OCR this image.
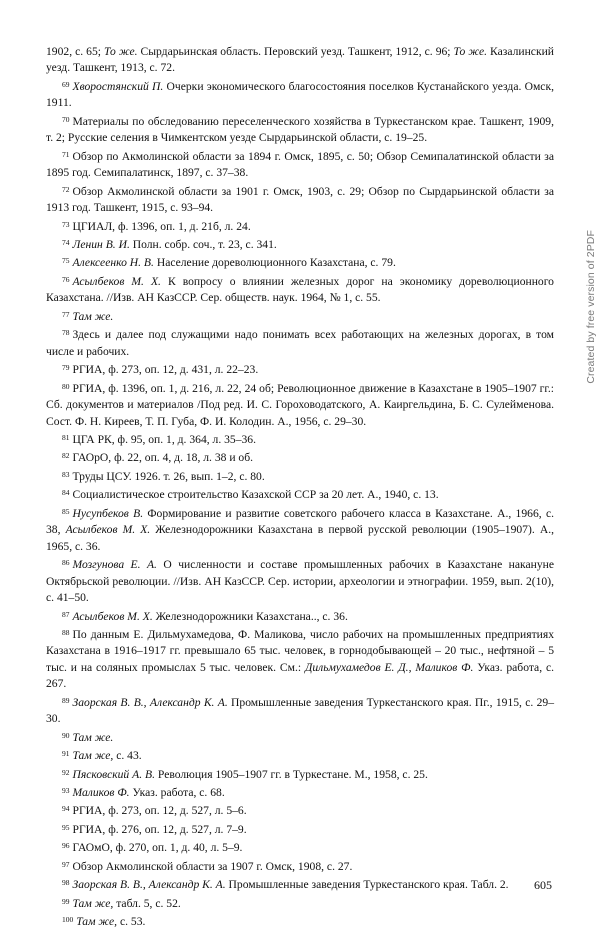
1902, с. 65; То же. Сырдарьинская область. Перовский уезд. Ташкент, 1912, с. 96; То же. Казалинский уезд. Ташкент, 1913, с. 72.

$^{69}$ Хворостянский П. Очерки экономического благосостояния поселков Кустанайского уезда. Омск, 1911.

$^{70}$ Материалы по обследованию переселенческого хозяйства в Туркестанском крае. Ташкент, 1909, т. 2; Русские селения в Чимкентском уезде Сырдарьинской области, с. 19–25.

$^{71}$ Обзор по Акмолинской области за 1894 г. Омск, 1895, с. 50; Обзор Семипалатинской области за 1895 год. Семипалатинск, 1897, с. 37–38.

$^{72}$ Обзор Акмолинской области за 1901 г. Омск, 1903, с. 29; Обзор по Сырдарьинской области за 1913 год. Ташкент, 1915, с. 93–94.

$^{73}$ ЦГИАЛ, ф. 1396, оп. 1, д. 21б, л. 24.

$^{74}$ Ленин В. И. Полн. собр. соч., т. 23, с. 341.

$^{75}$ Алексеенко Н. В. Население дореволюционного Казахстана, с. 79.

$^{76}$ Асылбеков М. Х. К вопросу о влиянии железных дорог на экономику дореволюционного Казахстана. //Изв. АН КазССР. Сер. обществ. наук. 1964, № 1, с. 55.

$^{77}$ Там же.

$^{78}$ Здесь и далее под служащими надо понимать всех работающих на железных дорогах, в том числе и рабочих.

$^{79}$ РГИА, ф. 273, оп. 12, д. 431, л. 22–23.

$^{80}$ РГИА, ф. 1396, оп. 1, д. 216, л. 22, 24 об; Революционное движение в Казахстане в 1905–1907 гг.: Сб. документов и материалов /Под ред. И. С. Гороховодатского, А. Каиргельдина, Б. С. Сулейменова. Сост. Ф. Н. Киреев, Т. П. Губа, Ф. И. Колодин. А., 1956, с. 29–30.

$^{81}$ ЦГА РК, ф. 95, оп. 1, д. 364, л. 35–36.

$^{82}$ ГАОрО, ф. 22, оп. 4, д. 18, л. 38 и об.

$^{83}$ Труды ЦСУ. 1926. т. 26, вып. 1–2, с. 80.

$^{84}$ Социалистическое строительство Казахской ССР за 20 лет. А., 1940, с. 13.

$^{85}$ Нусупбеков В. Формирование и развитие советского рабочего класса в Казахстане. А., 1966, с. 38, Асылбеков М. Х. Железнодорожники Казахстана в первой русской революции (1905–1907). А., 1965, с. 36.

$^{86}$ Мозгунова Е. А. О численности и составе промышленных рабочих в Казахстане накануне Октябрьской революции. //Изв. АН КазССР. Сер. истории, археологии и этнографии. 1959, вып. 2(10), с. 41–50.

$^{87}$ Асылбеков М. Х. Железнодорожники Казахстана.., с. 36.

$^{88}$ По данным Е. Дильмухамедова, Ф. Маликова, число рабочих на промышленных предприятиях Казахстана в 1916–1917 гг. превышало 65 тыс. человек, в горнодобывающей – 20 тыс., нефтяной – 5 тыс. и на соляных промыслах 5 тыс. человек. См.: Дильмухамедов Е. Д., Маликов Ф. Указ. работа, с. 267.

$^{89}$ Заорская В. В., Александр К. А. Промышленные заведения Туркестанского края. Пг., 1915, с. 29–30.

$^{90}$ Там же.

$^{91}$ Там же, с. 43.

$^{92}$ Пясковский А. В. Революция 1905–1907 гг. в Туркестане. М., 1958, с. 25.

$^{93}$ Маликов Ф. Указ. работа, с. 68.

$^{94}$ РГИА, ф. 273, оп. 12, д. 527, л. 5–6.

$^{95}$ РГИА, ф. 276, оп. 12, д. 527, л. 7–9.

$^{96}$ ГАОмО, ф. 270, оп. 1, д. 40, л. 5–9.

$^{97}$ Обзор Акмолинской области за 1907 г. Омск, 1908, с. 27.

$^{98}$ Заорская В. В., Александр К. А. Промышленные заведения Туркестанского края. Табл. 2.

$^{99}$ Там же, табл. 5, с. 52.

$^{100}$ Там же, с. 53.

605
Created by free version of 2PDF
